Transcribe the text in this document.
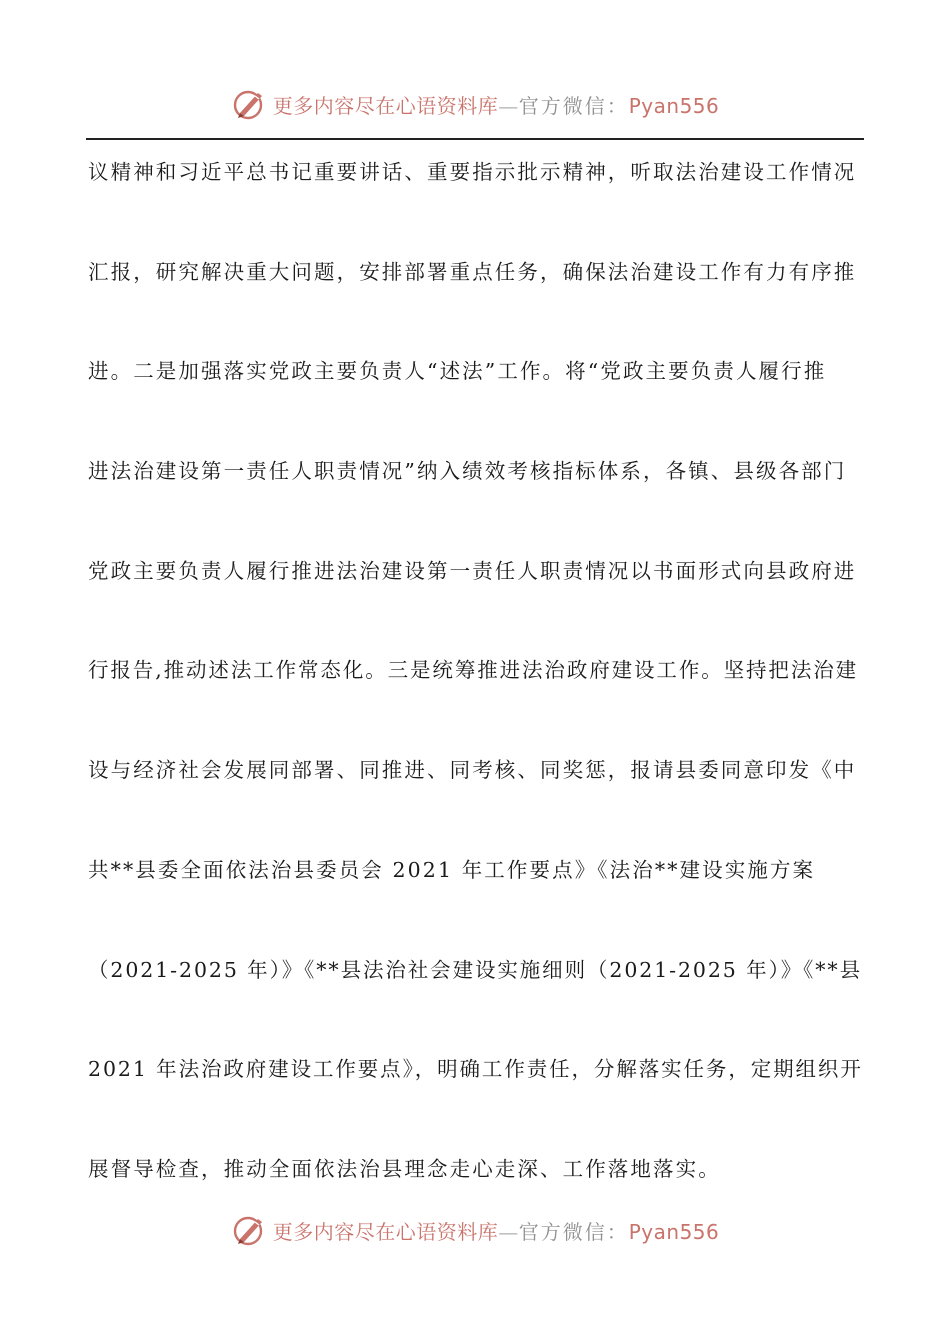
更多内容尽在心语资料库—官方微信：Pyan556
议精神和习近平总书记重要讲话、重要指示批示精神，听取法治建设工作情况
汇报，研究解决重大问题，安排部署重点任务，确保法治建设工作有力有序推
进。二是加强落实党政主要负责人“述法”工作。将“党政主要负责人履行推
进法治建设第一责任人职责情况”纳入绩效考核指标体系，各镇、县级各部门
党政主要负责人履行推进法治建设第一责任人职责情况以书面形式向县政府进
行报告,推动述法工作常态化。三是统筹推进法治政府建设工作。坚持把法治建
设与经济社会发展同部署、同推进、同考核、同奖惩，报请县委同意印发《中
共**县委全面依法治县委员会 2021 年工作要点》《法治**建设实施方案
（2021-2025 年）》《**县法治社会建设实施细则（2021-2025 年）》《**县
2021 年法治政府建设工作要点》，明确工作责任，分解落实任务，定期组织开
展督导检查，推动全面依法治县理念走心走深、工作落地落实。
更多内容尽在心语资料库—官方微信：Pyan556
